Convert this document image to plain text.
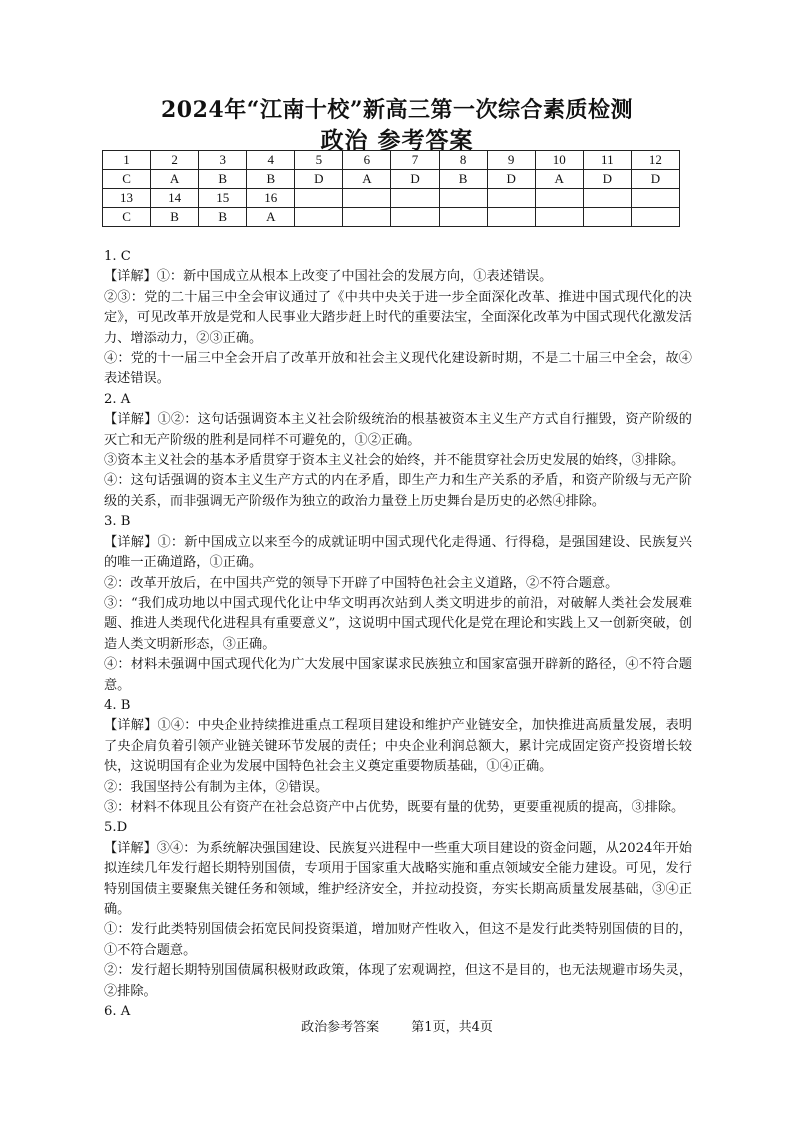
2024年“江南十校”新高三第一次综合素质检测
政治 参考答案
1	2	3	4	5	6	7	8	9	10	11	12
C	A	B	B	D	A	D	B	D	A	D	D
13	14	15	16								
C	B	B	A								

1. C

【详解】①：新中国成立从根本上改变了中国社会的发展方向，①表述错误。

②③：党的二十届三中全会审议通过了《中共中央关于进一步全面深化改革、推进中国式现代化的决定》，可见改革开放是党和人民事业大踏步赶上时代的重要法宝，全面深化改革为中国式现代化激发活力、增添动力，②③正确。

④：党的十一届三中全会开启了改革开放和社会主义现代化建设新时期，不是二十届三中全会，故④表述错误。

2. A

【详解】①②：这句话强调资本主义社会阶级统治的根基被资本主义生产方式自行摧毁，资产阶级的灭亡和无产阶级的胜利是同样不可避免的，①②正确。

③资本主义社会的基本矛盾贯穿于资本主义社会的始终，并不能贯穿社会历史发展的始终，③排除。

④：这句话强调的资本主义生产方式的内在矛盾，即生产力和生产关系的矛盾，和资产阶级与无产阶级的关系，而非强调无产阶级作为独立的政治力量登上历史舞台是历史的必然④排除。

3. B

【详解】①：新中国成立以来至今的成就证明中国式现代化走得通、行得稳，是强国建设、民族复兴的唯一正确道路，①正确。

②：改革开放后，在中国共产党的领导下开辟了中国特色社会主义道路，②不符合题意。

③：“我们成功地以中国式现代化让中华文明再次站到人类文明进步的前沿，对破解人类社会发展难题、推进人类现代化进程具有重要意义”，这说明中国式现代化是党在理论和实践上又一创新突破，创造人类文明新形态，③正确。

④：材料未强调中国式现代化为广大发展中国家谋求民族独立和国家富强开辟新的路径，④不符合题意。

4. B

【详解】①④：中央企业持续推进重点工程项目建设和维护产业链安全，加快推进高质量发展，表明了央企肩负着引领产业链关键环节发展的责任；中央企业利润总额大，累计完成固定资产投资增长较快，这说明国有企业为发展中国特色社会主义奠定重要物质基础，①④正确。

②：我国坚持公有制为主体，②错误。

③：材料不体现且公有资产在社会总资产中占优势，既要有量的优势，更要重视质的提高，③排除。

5.D

【详解】③④：为系统解决强国建设、民族复兴进程中一些重大项目建设的资金问题，从2024年开始拟连续几年发行超长期特别国债，专项用于国家重大战略实施和重点领域安全能力建设。可见，发行特别国债主要聚焦关键任务和领域，维护经济安全，并拉动投资，夯实长期高质量发展基础，③④正确。

①：发行此类特别国债会拓宽民间投资渠道，增加财产性收入，但这不是发行此类特别国债的目的，①不符合题意。

②：发行超长期特别国债属积极财政政策，体现了宏观调控，但这不是目的，也无法规避市场失灵，②排除。

6. A

政治参考答案 第1页，共4页
